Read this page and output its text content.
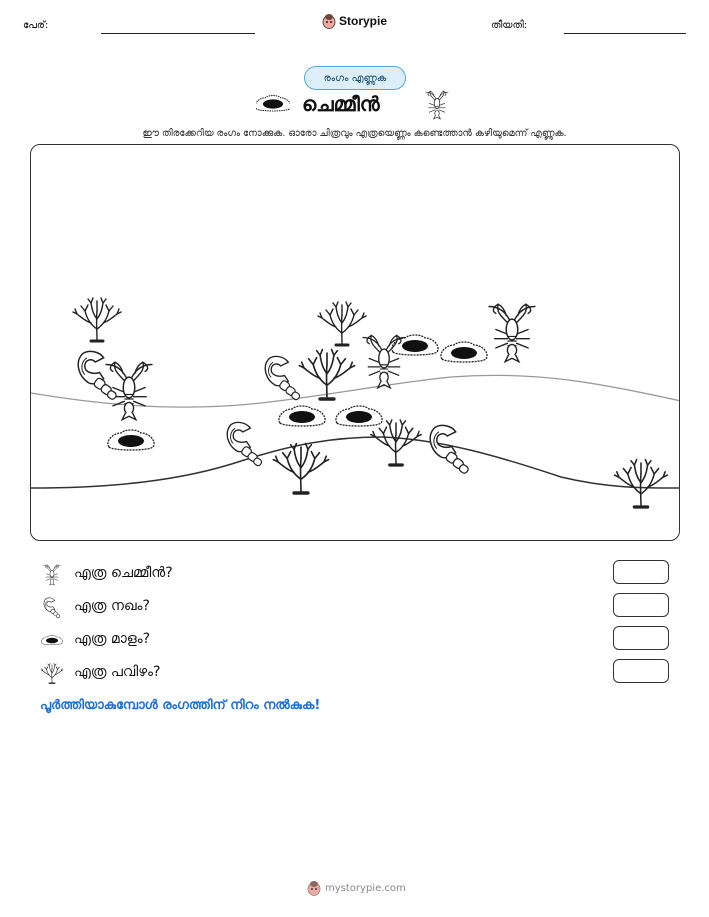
പേര്:	Storypie	തീയതി:
രംഗം എണ്ണുക
ചെമ്മീൻ
ഈ തിരക്കേറിയ രംഗം നോക്കുക. ഓരോ ചിത്രവും എത്രയെണ്ണം കണ്ടെത്താൻ കഴിയുമെന്ന് എണ്ണുക.
എത്ര ചെമ്മീൻ?
എത്ര നഖം?
എത്ര മാളം?
എത്ര പവിഴം?
പൂർത്തിയാകുമ്പോൾ രംഗത്തിന് നിറം നൽകുക!
mystorypie.com
